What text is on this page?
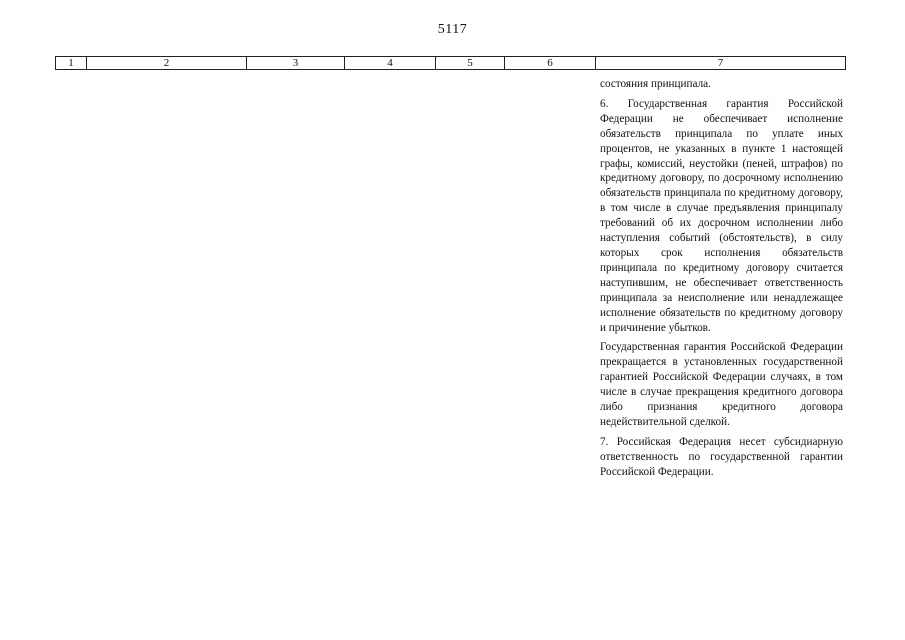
5117
1	2	3	4	5	6	7

состояния принципала.

6. Государственная гарантия Российской Федерации не обеспечивает исполнение обязательств принципала по уплате иных процентов, не указанных в пункте 1 настоящей графы, комиссий, неустойки (пеней, штрафов) по кредитному договору, по досрочному исполнению обязательств принципала по кредитному договору, в том числе в случае предъявления принципалу требований об их досрочном исполнении либо наступления событий (обстоятельств), в силу которых срок исполнения обязательств принципала по кредитному договору считается наступившим, не обеспечивает ответственность принципала за неисполнение или ненадлежащее исполнение обязательств по кредитному договору и причинение убытков.

Государственная гарантия Российской Федерации прекращается в установленных государственной гарантией Российской Федерации случаях, в том числе в случае прекращения кредитного договора либо признания кредитного договора недействительной сделкой.

7. Российская Федерация несет субсидиарную ответственность по государственной гарантии Российской Федерации.
